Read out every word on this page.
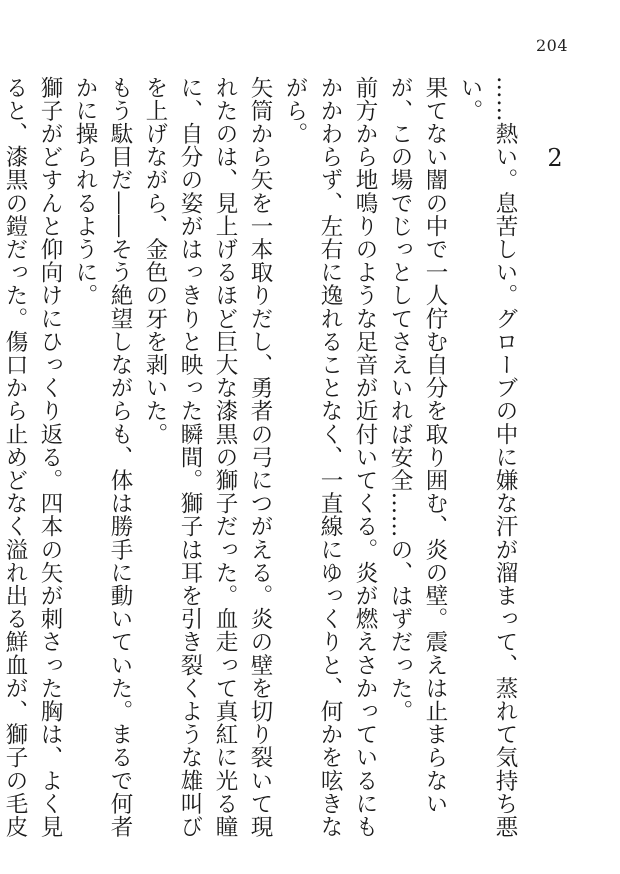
204
2

……熱い。息苦しい。グローブの中に嫌な汗が溜まって、蒸れて気持ち悪い。

果てない闇の中で一人佇む自分を取り囲む、炎の壁。震えは止まらないが、この場でじっとしてさえいれば安全……の、はずだった。

前方から地鳴りのような足音が近付いてくる。炎が燃えさかっているにもかかわらず、左右に逸れることなく、一直線にゆっくりと、何かを呟きながら。

矢筒から矢を一本取りだし、勇者の弓につがえる。炎の壁を切り裂いて現れたのは、見上げるほど巨大な漆黒の獅子だった。血走って真紅に光る瞳に、自分の姿がはっきりと映った瞬間。獅子は耳を引き裂くような雄叫びを上げながら、金色の牙を剥いた。

もう駄目だ――そう絶望しながらも、体は勝手に動いていた。まるで何者かに操られるように。

獅子がどすんと仰向けにひっくり返る。四本の矢が刺さった胸は、よく見ると、漆黒の鎧だった。傷口から止めどなく溢れ出る鮮血が、獅子の毛皮
